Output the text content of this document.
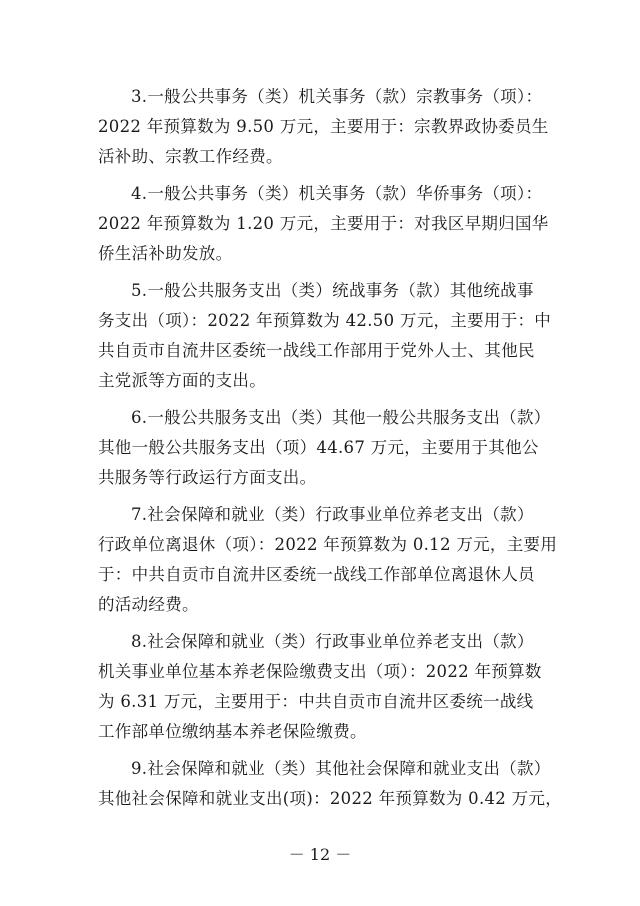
3.一般公共事务（类）机关事务（款）宗教事务（项）：
2022 年预算数为 9.50 万元，主要用于：宗教界政协委员生
活补助、宗教工作经费。

4.一般公共事务（类）机关事务（款）华侨事务（项）：
2022 年预算数为 1.20 万元，主要用于：对我区早期归国华
侨生活补助发放。

5.一般公共服务支出（类）统战事务（款）其他统战事
务支出（项）：2022 年预算数为 42.50 万元，主要用于：中
共自贡市自流井区委统一战线工作部用于党外人士、其他民
主党派等方面的支出。

6.一般公共服务支出（类）其他一般公共服务支出（款）
其他一般公共服务支出（项）44.67 万元，主要用于其他公
共服务等行政运行方面支出。

7.社会保障和就业（类）行政事业单位养老支出（款）
行政单位离退休（项）：2022 年预算数为 0.12 万元，主要用
于：中共自贡市自流井区委统一战线工作部单位离退休人员
的活动经费。

8.社会保障和就业（类）行政事业单位养老支出（款）
机关事业单位基本养老保险缴费支出（项）：2022 年预算数
为 6.31 万元，主要用于：中共自贡市自流井区委统一战线
工作部单位缴纳基本养老保险缴费。

9.社会保障和就业（类）其他社会保障和就业支出（款）
其他社会保障和就业支出(项)：2022 年预算数为 0.42 万元，

－ 12 －
